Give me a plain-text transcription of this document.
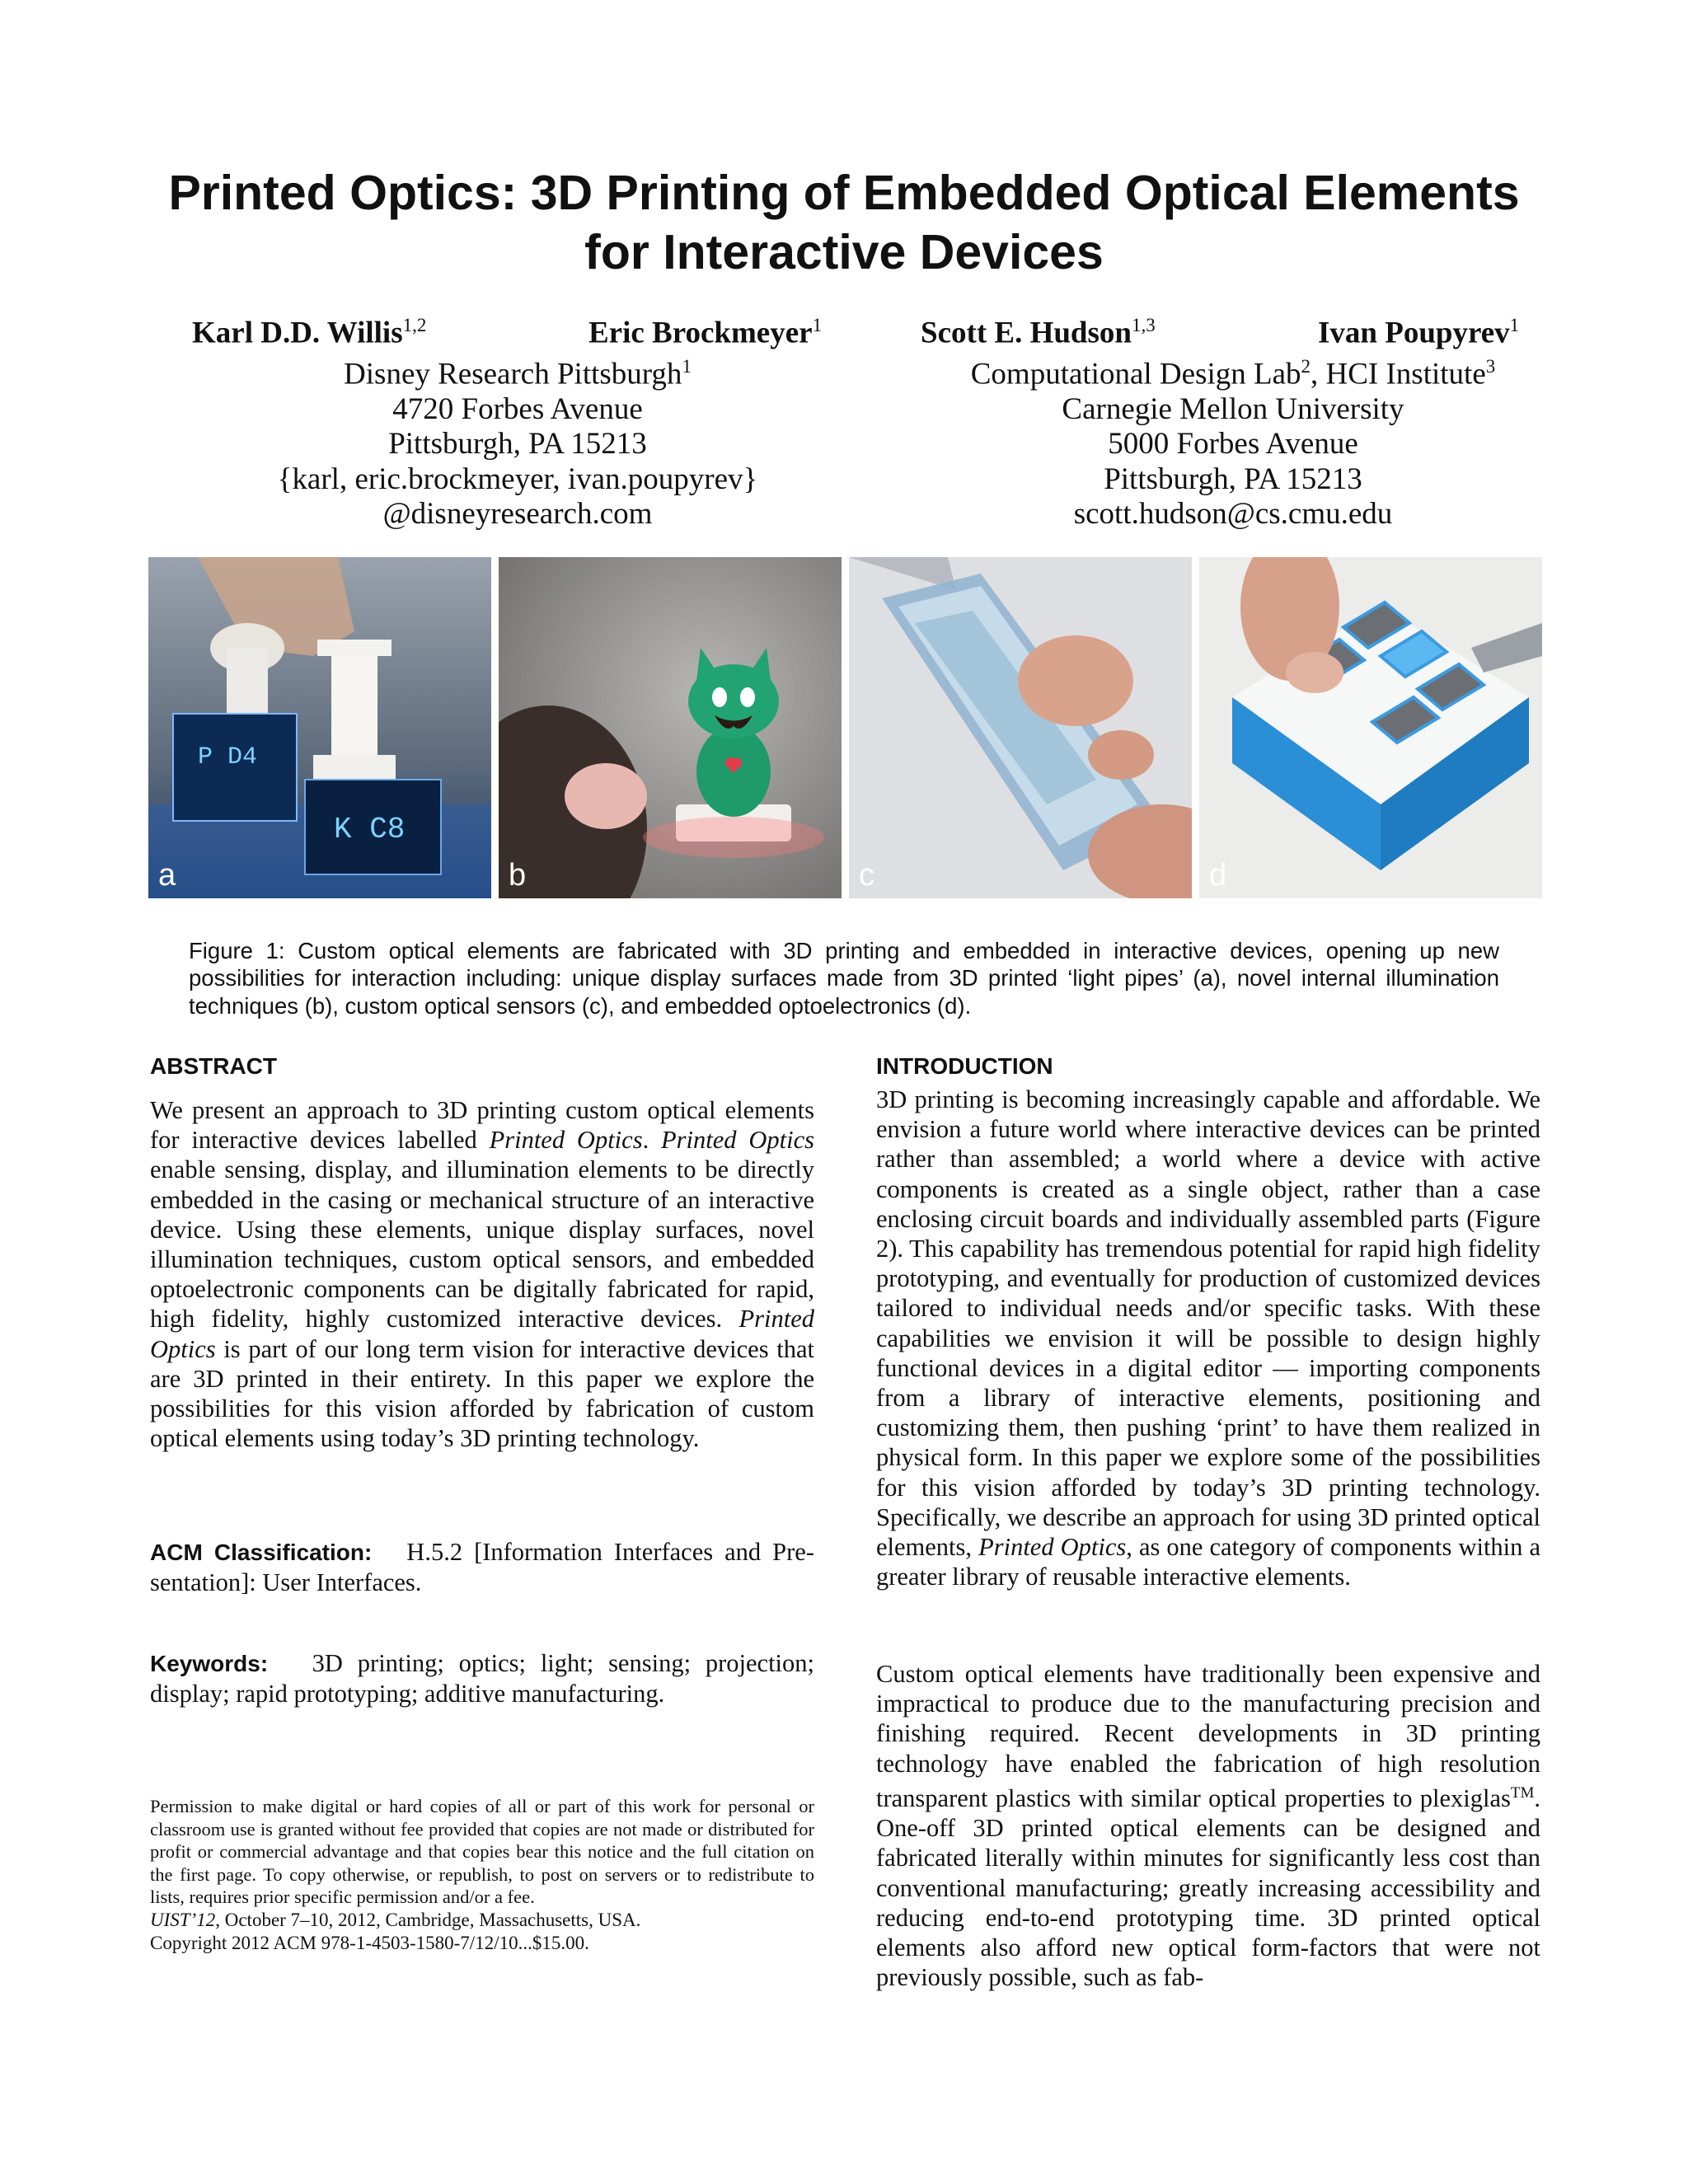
Printed Optics: 3D Printing of Embedded Optical Elements
for Interactive Devices
Karl D.D. Willis$^{1,2}$	Eric Brockmeyer$^1$	Scott E. Hudson$^{1,3}$	Ivan Poupyrev$^1$
Disney Research Pittsburgh$^1$
4720 Forbes Avenue
Pittsburgh, PA 15213
{karl, eric.brockmeyer, ivan.poupyrev}
@disneyresearch.com
Computational Design Lab$^2$, HCI Institute$^3$
Carnegie Mellon University
5000 Forbes Avenue
Pittsburgh, PA 15213
scott.hudson@cs.cmu.edu
P D4
K C8
a	b	c	d

Figure 1: Custom optical elements are fabricated with 3D printing and embedded in interactive devices, opening up new possibilities for interaction including: unique display surfaces made from 3D printed ‘light pipes’ (a), novel internal illumination techniques (b), custom optical sensors (c), and embedded optoelectronics (d).

ABSTRACT

We present an approach to 3D printing custom optical elements for interactive devices labelled Printed Optics. Printed Optics enable sensing, display, and illumination elements to be directly embedded in the casing or mechanical structure of an interactive device. Using these elements, unique display surfaces, novel illumination techniques, custom optical sensors, and embedded optoelectronic components can be digitally fabricated for rapid, high fidelity, highly customized interactive devices. Printed Optics is part of our long term vision for interactive devices that are 3D printed in their entirety. In this paper we explore the possibilities for this vision afforded by fabrication of custom optical elements using today’s 3D printing technology.

ACM Classification: H.5.2 [Information Interfaces and Presentation]: User Interfaces.

Keywords: 3D printing; optics; light; sensing; projection; display; rapid prototyping; additive manufacturing.

Permission to make digital or hard copies of all or part of this work for personal or classroom use is granted without fee provided that copies are not made or distributed for profit or commercial advantage and that copies bear this notice and the full citation on the first page. To copy otherwise, or republish, to post on servers or to redistribute to lists, requires prior specific permission and/or a fee.

UIST’12, October 7–10, 2012, Cambridge, Massachusetts, USA.

Copyright 2012 ACM 978-1-4503-1580-7/12/10...$15.00.

INTRODUCTION

3D printing is becoming increasingly capable and affordable. We envision a future world where interactive devices can be printed rather than assembled; a world where a device with active components is created as a single object, rather than a case enclosing circuit boards and individually assembled parts (Figure 2). This capability has tremendous potential for rapid high fidelity prototyping, and eventually for production of customized devices tailored to individual needs and/or specific tasks. With these capabilities we envision it will be possible to design highly functional devices in a digital editor — importing components from a library of interactive elements, positioning and customizing them, then pushing ‘print’ to have them realized in physical form. In this paper we explore some of the possibilities for this vision afforded by today’s 3D printing technology. Specifically, we describe an approach for using 3D printed optical elements, Printed Optics, as one category of components within a greater library of reusable interactive elements.

Custom optical elements have traditionally been expensive and impractical to produce due to the manufacturing precision and finishing required. Recent developments in 3D printing technology have enabled the fabrication of high resolution transparent plastics with similar optical properties to plexiglas™. One-off 3D printed optical elements can be designed and fabricated literally within minutes for significantly less cost than conventional manufacturing; greatly increasing accessibility and reducing end-to-end prototyping time. 3D printed optical elements also afford new optical form-factors that were not previously possible, such as fab-
